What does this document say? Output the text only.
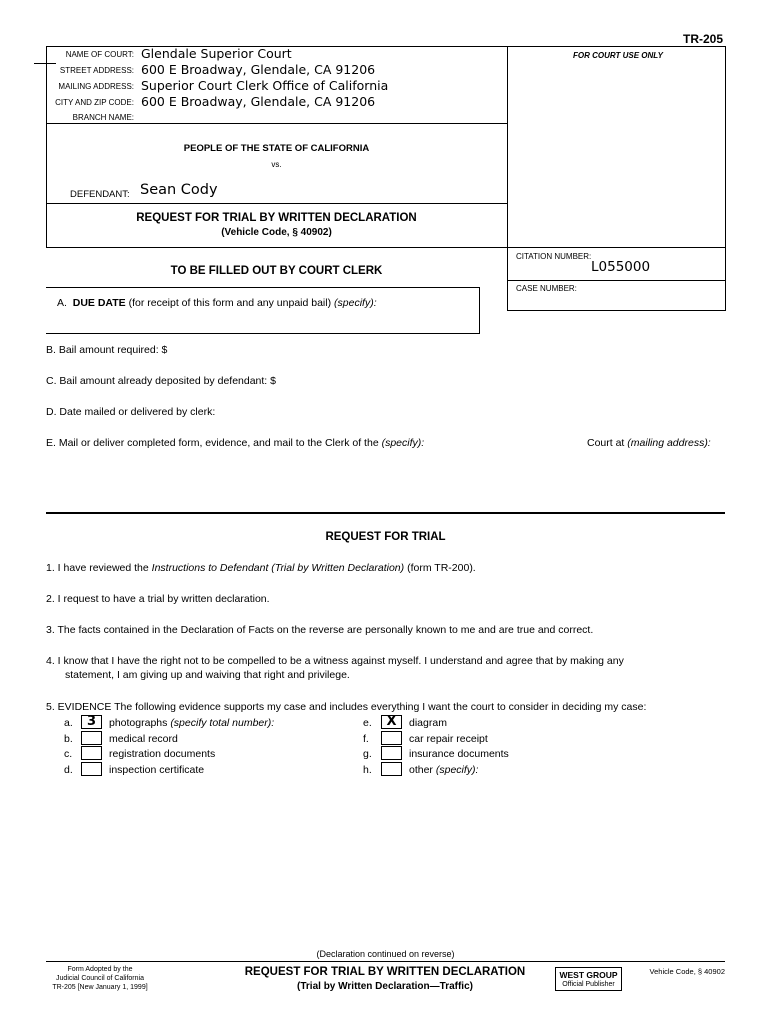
TR-205
FOR COURT USE ONLY
NAME OF COURT: Glendale Superior Court
STREET ADDRESS: 600 E Broadway, Glendale, CA 91206
MAILING ADDRESS: Superior Court Clerk Office of California
CITY AND ZIP CODE: 600 E Broadway, Glendale, CA 91206
BRANCH NAME:
PEOPLE OF THE STATE OF CALIFORNIA
vs.
DEFENDANT: Sean Cody
REQUEST FOR TRIAL BY WRITTEN DECLARATION
(Vehicle Code, § 40902)
CITATION NUMBER:
L055000
CASE NUMBER:
TO BE FILLED OUT BY COURT CLERK
A. DUE DATE (for receipt of this form and any unpaid bail) (specify):
B. Bail amount required: $
C. Bail amount already deposited by defendant: $
D. Date mailed or delivered by clerk:
E. Mail or deliver completed form, evidence, and mail to the Clerk of the (specify):	Court at (mailing address):
REQUEST FOR TRIAL
1. I have reviewed the Instructions to Defendant (Trial by Written Declaration) (form TR-200).
2. I request to have a trial by written declaration.
3. The facts contained in the Declaration of Facts on the reverse are personally known to me and are true and correct.
4. I know that I have the right not to be compelled to be a witness against myself. I understand and agree that by making any
statement, I am giving up and waiving that right and privilege.
5. EVIDENCE The following evidence supports my case and includes everything I want the court to consider in deciding my case:
a.	3	photographs (specify total number):
b.	medical record
c.	registration documents
d.	inspection certificate
e.	X	diagram
f.	car repair receipt
g.	insurance documents
h.	other (specify):
(Declaration continued on reverse)
Form Adopted by the
Judicial Council of California
TR-205 [New January 1, 1999]
REQUEST FOR TRIAL BY WRITTEN DECLARATION
(Trial by Written Declaration—Traffic)
WEST GROUP
Official Publisher
Vehicle Code, § 40902
